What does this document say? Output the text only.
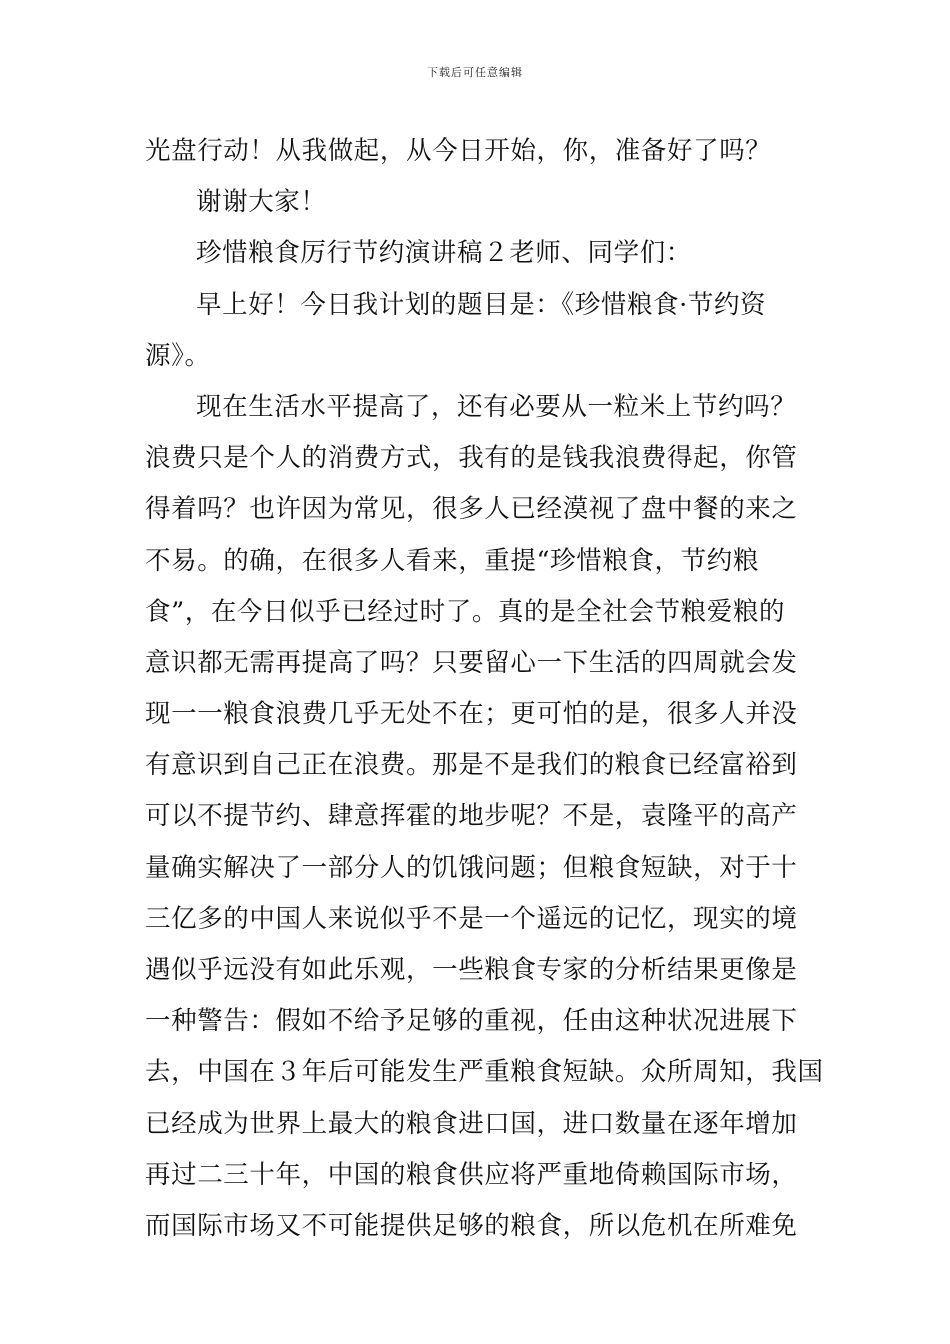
下载后可任意编辑
光盘行动！从我做起，从今日开始，你，准备好了吗？
谢谢大家！
珍惜粮食厉行节约演讲稿２老师、同学们：
早上好！今日我计划的题目是：《珍惜粮食·节约资
源》。
现在生活水平提高了，还有必要从一粒米上节约吗？
浪费只是个人的消费方式，我有的是钱我浪费得起，你管
得着吗？也许因为常见，很多人已经漠视了盘中餐的来之
不易。的确，在很多人看来，重提“珍惜粮食，节约粮
食”，在今日似乎已经过时了。真的是全社会节粮爱粮的
意识都无需再提高了吗？只要留心一下生活的四周就会发
现一一粮食浪费几乎无处不在；更可怕的是，很多人并没
有意识到自己正在浪费。那是不是我们的粮食已经富裕到
可以不提节约、肆意挥霍的地步呢？不是，袁隆平的高产
量确实解决了一部分人的饥饿问题；但粮食短缺，对于十
三亿多的中国人来说似乎不是一个遥远的记忆，现实的境
遇似乎远没有如此乐观，一些粮食专家的分析结果更像是
一种警告：假如不给予足够的重视，任由这种状况进展下
去，中国在３年后可能发生严重粮食短缺。众所周知，我国
已经成为世界上最大的粮食进口国，进口数量在逐年增加
再过二三十年，中国的粮食供应将严重地倚赖国际市场，
而国际市场又不可能提供足够的粮食，所以危机在所难免
